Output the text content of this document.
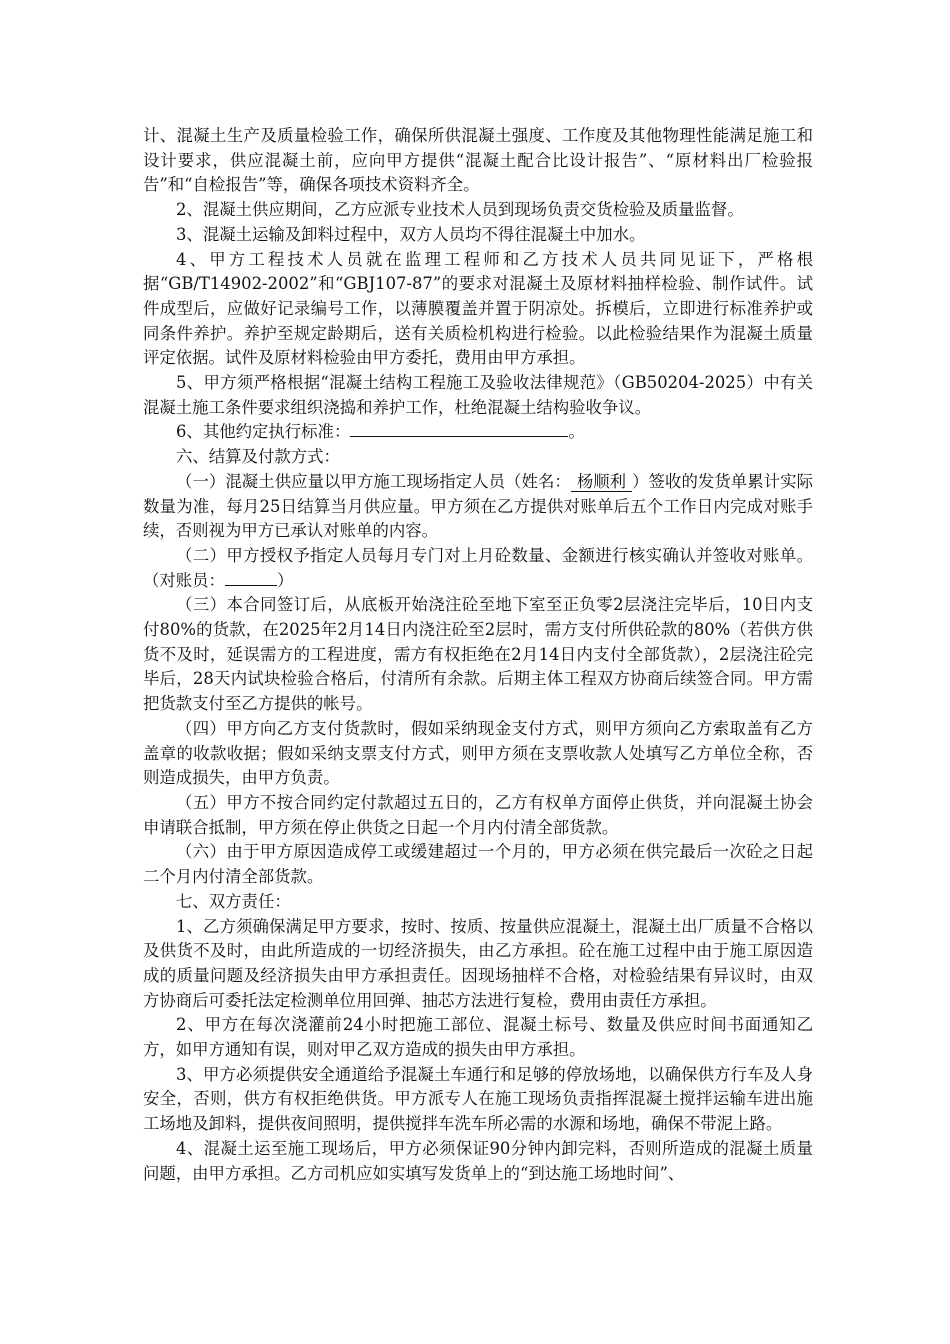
计、混凝土生产及质量检验工作，确保所供混凝土强度、工作度及其他物理性能满足施工和设计要求，供应混凝土前，应向甲方提供“混凝土配合比设计报告”、“原材料出厂检验报告”和“自检报告”等，确保各项技术资料齐全。

2、混凝土供应期间，乙方应派专业技术人员到现场负责交货检验及质量监督。

3、混凝土运输及卸料过程中，双方人员均不得往混凝土中加水。

4、甲方工程技术人员就在监理工程师和乙方技术人员共同见证下，严格根据“GB/T14902-2002”和“GBJ107-87”的要求对混凝土及原材料抽样检验、制作试件。试件成型后，应做好记录编号工作，以薄膜覆盖并置于阴凉处。拆模后，立即进行标准养护或同条件养护。养护至规定龄期后，送有关质检机构进行检验。以此检验结果作为混凝土质量评定依据。试件及原材料检验由甲方委托，费用由甲方承担。

5、甲方须严格根据“混凝土结构工程施工及验收法律规范》（GB50204-2025）中有关混凝土施工条件要求组织浇捣和养护工作，杜绝混凝土结构验收争议。

6、其他约定执行标准：	。

六、结算及付款方式：

（一）混凝土供应量以甲方施工现场指定人员（姓名： 杨顺利 ）签收的发货单累计实际数量为准，每月25日结算当月供应量。甲方须在乙方提供对账单后五个工作日内完成对账手续，否则视为甲方已承认对账单的内容。

（二）甲方授权予指定人员每月专门对上月砼数量、金额进行核实确认并签收对账单。（对账员：	）

（三）本合同签订后，从底板开始浇注砼至地下室至正负零2层浇注完毕后，10日内支付80%的货款，在2025年2月14日内浇注砼至2层时，需方支付所供砼款的80%（若供方供货不及时，延误需方的工程进度，需方有权拒绝在2月14日内支付全部货款），2层浇注砼完毕后，28天内试块检验合格后，付清所有余款。后期主体工程双方协商后续签合同。甲方需把货款支付至乙方提供的帐号。

（四）甲方向乙方支付货款时，假如采纳现金支付方式，则甲方须向乙方索取盖有乙方盖章的收款收据；假如采纳支票支付方式，则甲方须在支票收款人处填写乙方单位全称，否则造成损失，由甲方负责。

（五）甲方不按合同约定付款超过五日的，乙方有权单方面停止供货，并向混凝土协会申请联合抵制，甲方须在停止供货之日起一个月内付清全部货款。

（六）由于甲方原因造成停工或缓建超过一个月的，甲方必须在供完最后一次砼之日起二个月内付清全部货款。

七、双方责任：

1、乙方须确保满足甲方要求，按时、按质、按量供应混凝土，混凝土出厂质量不合格以及供货不及时，由此所造成的一切经济损失，由乙方承担。砼在施工过程中由于施工原因造成的质量问题及经济损失由甲方承担责任。因现场抽样不合格，对检验结果有异议时，由双方协商后可委托法定检测单位用回弹、抽芯方法进行复检，费用由责任方承担。

2、甲方在每次浇灌前24小时把施工部位、混凝土标号、数量及供应时间书面通知乙方，如甲方通知有误，则对甲乙双方造成的损失由甲方承担。

3、甲方必须提供安全通道给予混凝土车通行和足够的停放场地，以确保供方行车及人身安全，否则，供方有权拒绝供货。甲方派专人在施工现场负责指挥混凝土搅拌运输车进出施工场地及卸料，提供夜间照明，提供搅拌车洗车所必需的水源和场地，确保不带泥上路。

4、混凝土运至施工现场后，甲方必须保证90分钟内卸完料，否则所造成的混凝土质量问题，由甲方承担。乙方司机应如实填写发货单上的“到达施工场地时间”、
